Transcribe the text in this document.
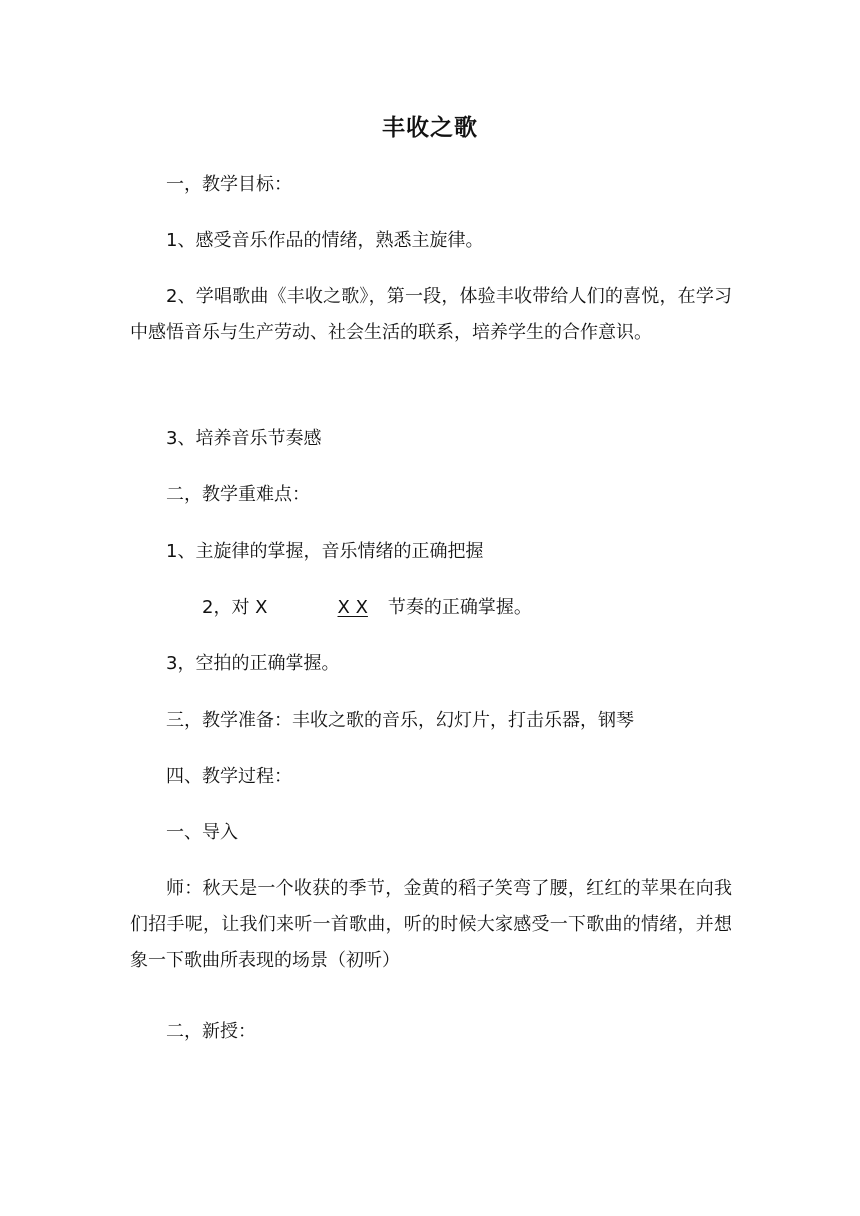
丰收之歌

一，教学目标：

1、感受音乐作品的情绪，熟悉主旋律。

2、学唱歌曲《丰收之歌》，第一段，体验丰收带给人们的喜悦，在学习中感悟音乐与生产劳动、社会生活的联系，培养学生的合作意识。

3、培养音乐节奏感

二，教学重难点：

1、主旋律的掌握，音乐情绪的正确把握

2，对 X	X X 节奏的正确掌握。

3，空拍的正确掌握。

三，教学准备：丰收之歌的音乐，幻灯片，打击乐器，钢琴

四、教学过程：

一、导入

师：秋天是一个收获的季节，金黄的稻子笑弯了腰，红红的苹果在向我们招手呢，让我们来听一首歌曲，听的时候大家感受一下歌曲的情绪，并想象一下歌曲所表现的场景（初听）

二，新授：
